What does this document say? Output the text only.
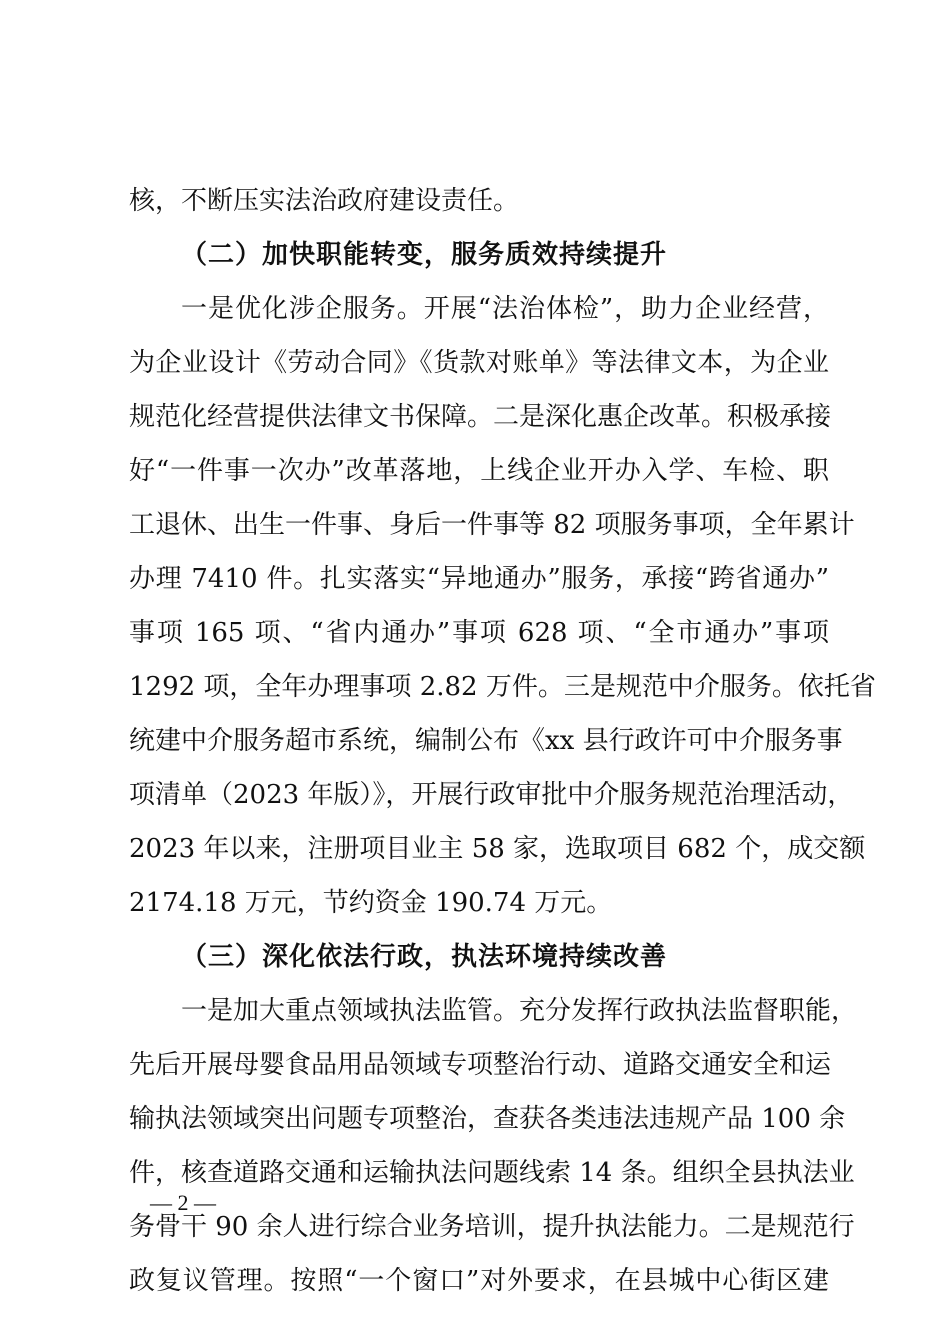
核，不断压实法治政府建设责任。
（二）加快职能转变，服务质效持续提升
一是优化涉企服务。开展“法治体检”，助力企业经营，
为企业设计《劳动合同》《货款对账单》等法律文本，为企业
规范化经营提供法律文书保障。二是深化惠企改革。积极承接
好“一件事一次办”改革落地，上线企业开办入学、车检、职
工退休、出生一件事、身后一件事等 82 项服务事项，全年累计
办理 7410 件。扎实落实“异地通办”服务，承接“跨省通办”
事项 165 项、“省内通办”事项 628 项、“全市通办”事项
1292 项，全年办理事项 2.82 万件。三是规范中介服务。依托省
统建中介服务超市系统，编制公布《xx 县行政许可中介服务事
项清单（2023 年版）》，开展行政审批中介服务规范治理活动，
2023 年以来，注册项目业主 58 家，选取项目 682 个，成交额
2174.18 万元，节约资金 190.74 万元。
（三）深化依法行政，执法环境持续改善
一是加大重点领域执法监管。充分发挥行政执法监督职能，
先后开展母婴食品用品领域专项整治行动、道路交通安全和运
输执法领域突出问题专项整治，查获各类违法违规产品 100 余
件，核查道路交通和运输执法问题线索 14 条。组织全县执法业
务骨干 90 余人进行综合业务培训，提升执法能力。二是规范行
政复议管理。按照“一个窗口”对外要求，在县城中心街区建
— 2 —
